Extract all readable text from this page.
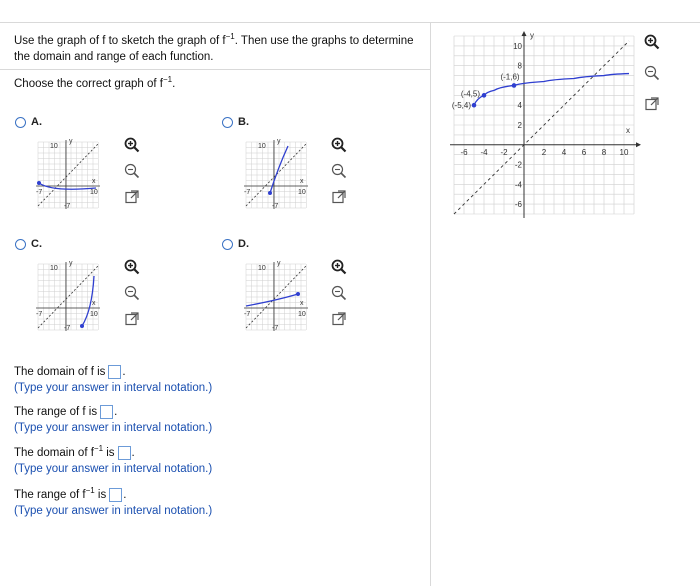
Use the graph of f to sketch the graph of $f^{-1}$. Then use the graphs to determine the domain and range of each function.
Choose the correct graph of $f^{-1}$.
A.
10
10
-7
-7
y
x
B.
10
10
-7
-7
y
x
C.
10
10
-7
-7
y
x
D.
10
10
-7
-7
y
x
The domain of f is .
(Type your answer in interval notation.)
The range of f is .
(Type your answer in interval notation.)
The domain of $f^{-1}$ is .
(Type your answer in interval notation.)
The range of $f^{-1}$ is .
(Type your answer in interval notation.)
-6 -4 -2	2 4 6 8 10
10
8
4
2
-2
-4
-6
x
y
(-4,5)
(-5,4)
(-1,6)
